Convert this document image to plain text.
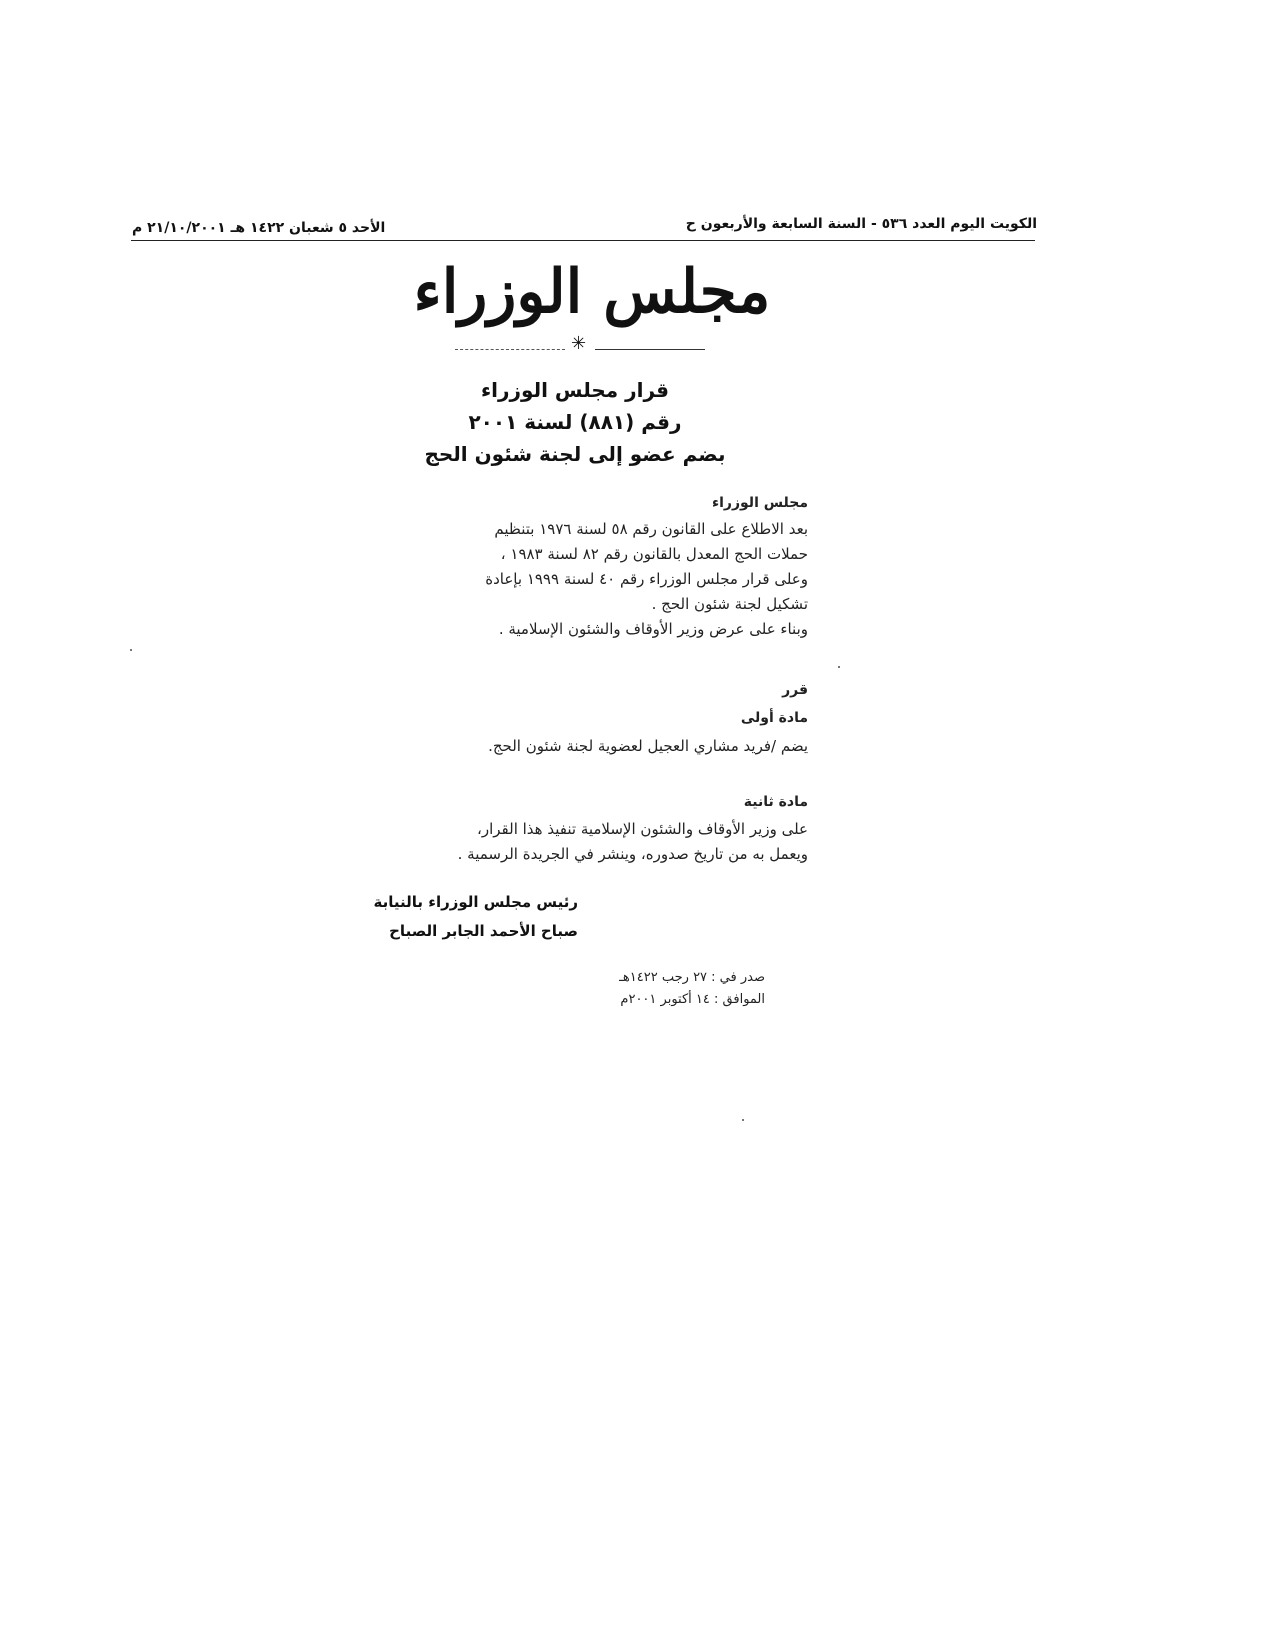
الكويت اليوم العدد ٥٣٦ - السنة السابعة والأربعون ح
الأحد ٥ شعبان ١٤٢٢ هـ ٢١/١٠/٢٠٠١ م
مجلس الوزراء
✳
قرار مجلس الوزراء
رقم (٨٨١) لسنة ٢٠٠١
بضم عضو إلى لجنة شئون الحج
مجلس الوزراء
بعد الاطلاع على القانون رقم ٥٨ لسنة ١٩٧٦ بتنظيم
حملات الحج المعدل بالقانون رقم ٨٢ لسنة ١٩٨٣ ،
وعلى قرار مجلس الوزراء رقم ٤٠ لسنة ١٩٩٩ بإعادة
تشكيل لجنة شئون الحج .
وبناء على عرض وزير الأوقاف والشئون الإسلامية .
قرر
مادة أولى
يضم /فريد مشاري العجيل لعضوية لجنة شئون الحج.
مادة ثانية
على وزير الأوقاف والشئون الإسلامية تنفيذ هذا القرار،
ويعمل به من تاريخ صدوره، وينشر في الجريدة الرسمية .
رئيس مجلس الوزراء بالنيابة
صباح الأحمد الجابر الصباح
صدر في : ٢٧ رجب ١٤٢٢هـ
الموافق : ١٤ أكتوبر ٢٠٠١م
